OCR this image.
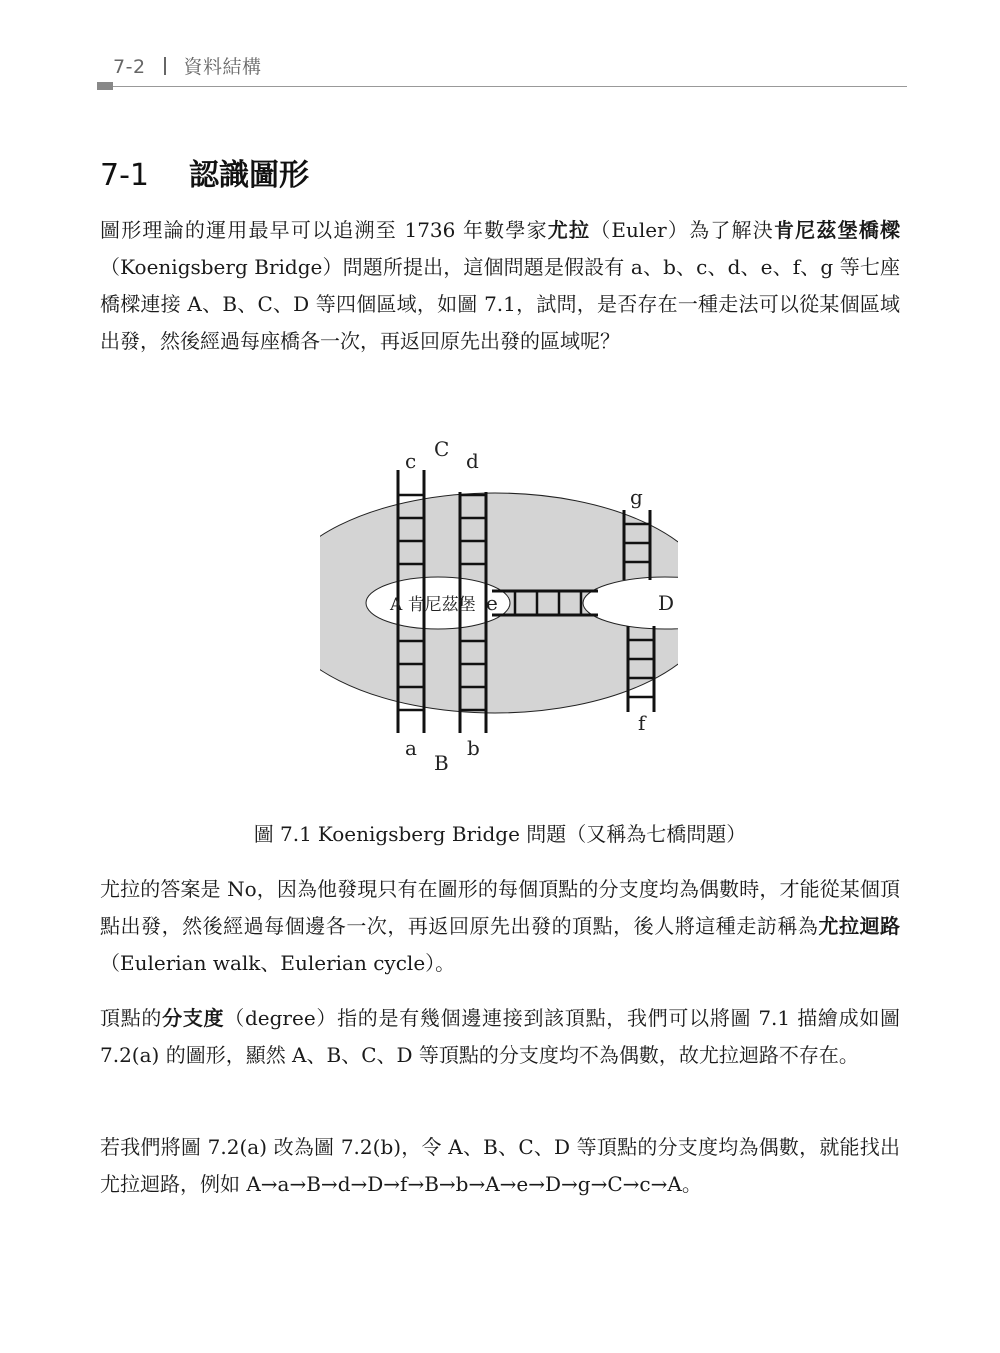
7-2 資料結構
7-1 認識圖形

圖形理論的運用最早可以追溯至 1736 年數學家尤拉（Euler）為了解決肯尼茲堡橋樑（Koenigsberg Bridge）問題所提出，這個問題是假設有 a、b、c、d、e、f、g 等七座橋樑連接 A、B、C、D 等四個區域，如圖 7.1，試問，是否存在一種走法可以從某個區域出發，然後經過每座橋各一次，再返回原先出發的區域呢？

C
c d
g
A 肯尼茲堡 e	D
f
a	b
B
圖 7.1 Koenigsberg Bridge 問題（又稱為七橋問題）

尤拉的答案是 No，因為他發現只有在圖形的每個頂點的分支度均為偶數時，才能從某個頂點出發，然後經過每個邊各一次，再返回原先出發的頂點，後人將這種走訪稱為尤拉迴路（Eulerian walk、Eulerian cycle）。

頂點的分支度（degree）指的是有幾個邊連接到該頂點，我們可以將圖 7.1 描繪成如圖 7.2(a) 的圖形，顯然 A、B、C、D 等頂點的分支度均不為偶數，故尤拉迴路不存在。

若我們將圖 7.2(a) 改為圖 7.2(b)，令 A、B、C、D 等頂點的分支度均為偶數，就能找出尤拉迴路，例如 A→a→B→d→D→f→B→b→A→e→D→g→C→c→A。
